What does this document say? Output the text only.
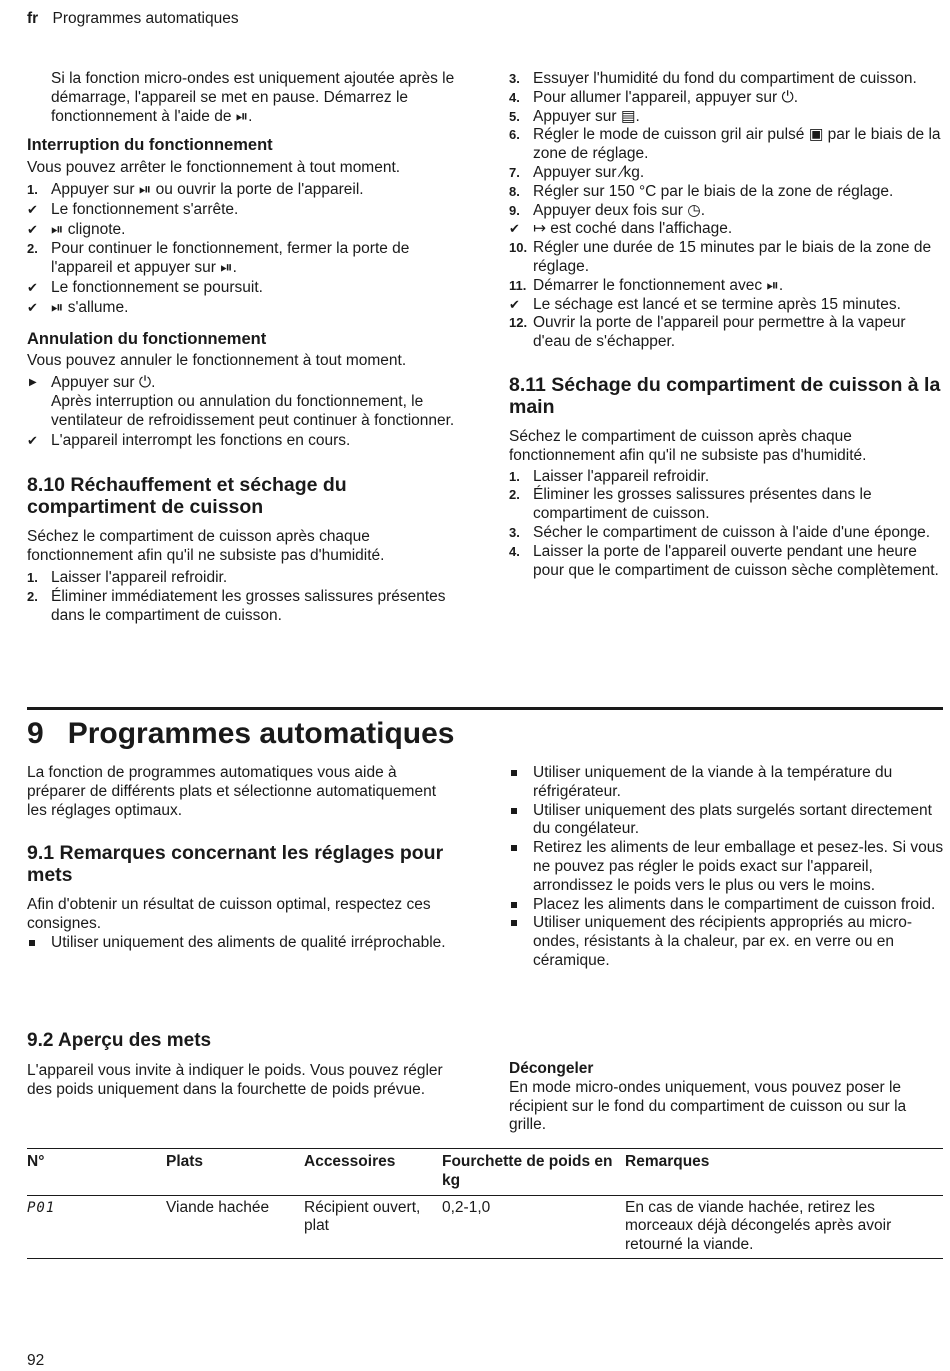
fr Programmes automatiques

Si la fonction micro-ondes est uniquement ajoutée après le démarrage, l'appareil se met en pause. Démarrez le fonctionnement à l'aide de ⏯.

Interruption du fonctionnement

Vous pouvez arrêter le fonctionnement à tout moment.

1. Appuyer sur ⏯ ou ouvrir la porte de l'appareil.
✔ Le fonctionnement s'arrête.
✔ ⏯ clignote.
2. Pour continuer le fonctionnement, fermer la porte de l'appareil et appuyer sur ⏯.
✔ Le fonctionnement se poursuit.
✔ ⏯ s'allume.

Annulation du fonctionnement

Vous pouvez annuler le fonctionnement à tout moment.

▶ Appuyer sur ⏻.

Après interruption ou annulation du fonctionnement, le ventilateur de refroidissement peut continuer à fonctionner.

✔ L'appareil interrompt les fonctions en cours.

8.10 Réchauffement et séchage du compartiment de cuisson

Séchez le compartiment de cuisson après chaque fonctionnement afin qu'il ne subsiste pas d'humidité.

1. Laisser l'appareil refroidir.
2. Éliminer immédiatement les grosses salissures présentes dans le compartiment de cuisson.
3. Essuyer l'humidité du fond du compartiment de cuisson.
4. Pour allumer l'appareil, appuyer sur ⏻.
5. Appuyer sur ▤.
6. Régler le mode de cuisson gril air pulsé ▣ par le biais de la zone de réglage.
7. Appuyer sur ⁄kg.
8. Régler sur 150 °C par le biais de la zone de réglage.
9. Appuyer deux fois sur ◷.
✔ ↦ est coché dans l'affichage.
10. Régler une durée de 15 minutes par le biais de la zone de réglage.
11. Démarrer le fonctionnement avec ⏯.
✔ Le séchage est lancé et se termine après 15 minutes.
12. Ouvrir la porte de l'appareil pour permettre à la vapeur d'eau de s'échapper.

8.11 Séchage du compartiment de cuisson à la main

Séchez le compartiment de cuisson après chaque fonctionnement afin qu'il ne subsiste pas d'humidité.

1. Laisser l'appareil refroidir.
2. Éliminer les grosses salissures présentes dans le compartiment de cuisson.
3. Sécher le compartiment de cuisson à l'aide d'une éponge.
4. Laisser la porte de l'appareil ouverte pendant une heure pour que le compartiment de cuisson sèche complètement.

9 Programmes automatiques

La fonction de programmes automatiques vous aide à préparer de différents plats et sélectionne automatiquement les réglages optimaux.

9.1 Remarques concernant les réglages pour mets

Afin d'obtenir un résultat de cuisson optimal, respectez ces consignes.

Utiliser uniquement des aliments de qualité irréprochable.
Utiliser uniquement de la viande à la température du réfrigérateur.
Utiliser uniquement des plats surgelés sortant directement du congélateur.
Retirez les aliments de leur emballage et pesez-les. Si vous ne pouvez pas régler le poids exact sur l'appareil, arrondissez le poids vers le plus ou vers le moins.
Placez les aliments dans le compartiment de cuisson froid.
Utiliser uniquement des récipients appropriés au micro-ondes, résistants à la chaleur, par ex. en verre ou en céramique.

9.2 Aperçu des mets

L'appareil vous invite à indiquer le poids. Vous pouvez régler des poids uniquement dans la fourchette de poids prévue.

Décongeler

En mode micro-ondes uniquement, vous pouvez poser le récipient sur le fond du compartiment de cuisson ou sur la grille.

N°	Plats	Accessoires	Fourchette de poids en kg	Remarques
P01	Viande hachée	Récipient ouvert, plat	0,2-1,0	En cas de viande hachée, retirez les morceaux déjà décongelés après avoir retourné la viande.
92
